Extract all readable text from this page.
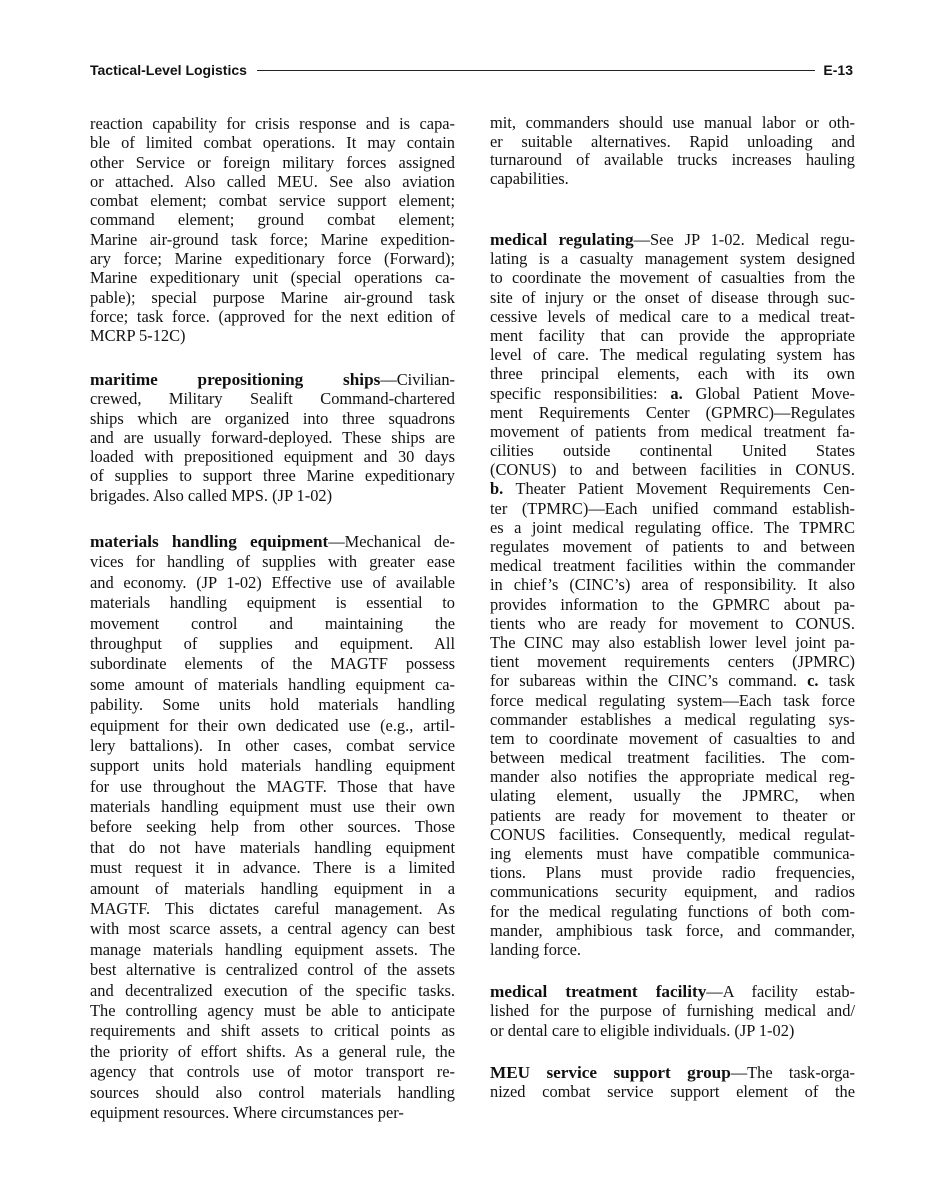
Tactical-Level Logistics	E-13
reaction capability for crisis response and is capa-
ble of limited combat operations. It may contain
other Service or foreign military forces assigned
or attached. Also called MEU. See also aviation
combat element; combat service support element;
command element; ground combat element;
Marine air-ground task force; Marine expedition-
ary force; Marine expeditionary force (Forward);
Marine expeditionary unit (special operations ca-
pable); special purpose Marine air-ground task
force; task force. (approved for the next edition of
MCRP 5-12C)
maritime prepositioning ships—Civilian-
crewed, Military Sealift Command-chartered
ships which are organized into three squadrons
and are usually forward-deployed. These ships are
loaded with prepositioned equipment and 30 days
of supplies to support three Marine expeditionary
brigades. Also called MPS. (JP 1-02)
materials handling equipment—Mechanical de-
vices for handling of supplies with greater ease
and economy. (JP 1-02) Effective use of available
materials handling equipment is essential to
movement control and maintaining the
throughput of supplies and equipment. All
subordinate elements of the MAGTF possess
some amount of materials handling equipment ca-
pability. Some units hold materials handling
equipment for their own dedicated use (e.g., artil-
lery battalions). In other cases, combat service
support units hold materials handling equipment
for use throughout the MAGTF. Those that have
materials handling equipment must use their own
before seeking help from other sources. Those
that do not have materials handling equipment
must request it in advance. There is a limited
amount of materials handling equipment in a
MAGTF. This dictates careful management. As
with most scarce assets, a central agency can best
manage materials handling equipment assets. The
best alternative is centralized control of the assets
and decentralized execution of the specific tasks.
The controlling agency must be able to anticipate
requirements and shift assets to critical points as
the priority of effort shifts. As a general rule, the
agency that controls use of motor transport re-
sources should also control materials handling
equipment resources. Where circumstances per-
mit, commanders should use manual labor or oth-
er suitable alternatives. Rapid unloading and
turnaround of available trucks increases hauling
capabilities.
medical regulating—See JP 1-02. Medical regu-
lating is a casualty management system designed
to coordinate the movement of casualties from the
site of injury or the onset of disease through suc-
cessive levels of medical care to a medical treat-
ment facility that can provide the appropriate
level of care. The medical regulating system has
three principal elements, each with its own
specific responsibilities: a. Global Patient Move-
ment Requirements Center (GPMRC)—Regulates
movement of patients from medical treatment fa-
cilities outside continental United States
(CONUS) to and between facilities in CONUS.
b. Theater Patient Movement Requirements Cen-
ter (TPMRC)—Each unified command establish-
es a joint medical regulating office. The TPMRC
regulates movement of patients to and between
medical treatment facilities within the commander
in chief’s (CINC’s) area of responsibility. It also
provides information to the GPMRC about pa-
tients who are ready for movement to CONUS.
The CINC may also establish lower level joint pa-
tient movement requirements centers (JPMRC)
for subareas within the CINC’s command. c. task
force medical regulating system—Each task force
commander establishes a medical regulating sys-
tem to coordinate movement of casualties to and
between medical treatment facilities. The com-
mander also notifies the appropriate medical reg-
ulating element, usually the JPMRC, when
patients are ready for movement to theater or
CONUS facilities. Consequently, medical regulat-
ing elements must have compatible communica-
tions. Plans must provide radio frequencies,
communications security equipment, and radios
for the medical regulating functions of both com-
mander, amphibious task force, and commander,
landing force.
medical treatment facility—A facility estab-
lished for the purpose of furnishing medical and/
or dental care to eligible individuals. (JP 1-02)
MEU service support group—The task-orga-
nized combat service support element of the
